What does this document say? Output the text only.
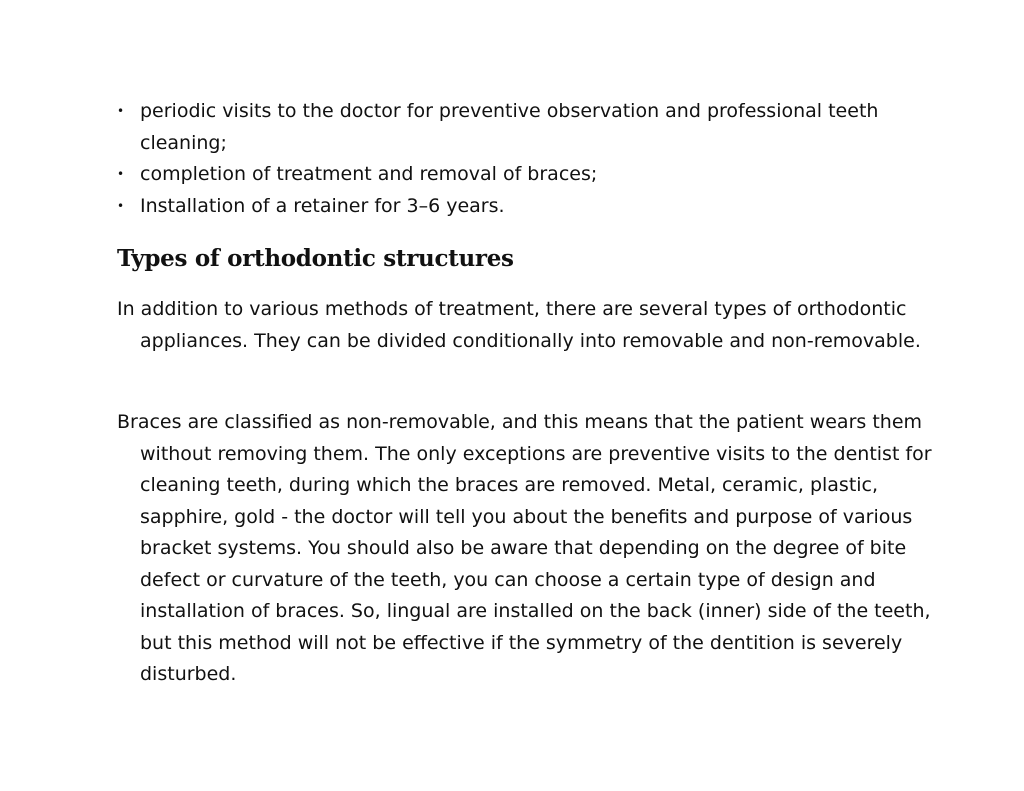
• periodic visits to the doctor for preventive observation and professional teeth cleaning;
• completion of treatment and removal of braces;
• Installation of a retainer for 3–6 years.
Types of orthodontic structures

In addition to various methods of treatment, there are several types of orthodontic appliances. They can be divided conditionally into removable and non-removable.

Braces are classified as non-removable, and this means that the patient wears them without removing them. The only exceptions are preventive visits to the dentist for cleaning teeth, during which the braces are removed. Metal, ceramic, plastic, sapphire, gold - the doctor will tell you about the benefits and purpose of various bracket systems. You should also be aware that depending on the degree of bite defect or curvature of the teeth, you can choose a certain type of design and installation of braces. So, lingual are installed on the back (inner) side of the teeth, but this method will not be effective if the symmetry of the dentition is severely disturbed.
